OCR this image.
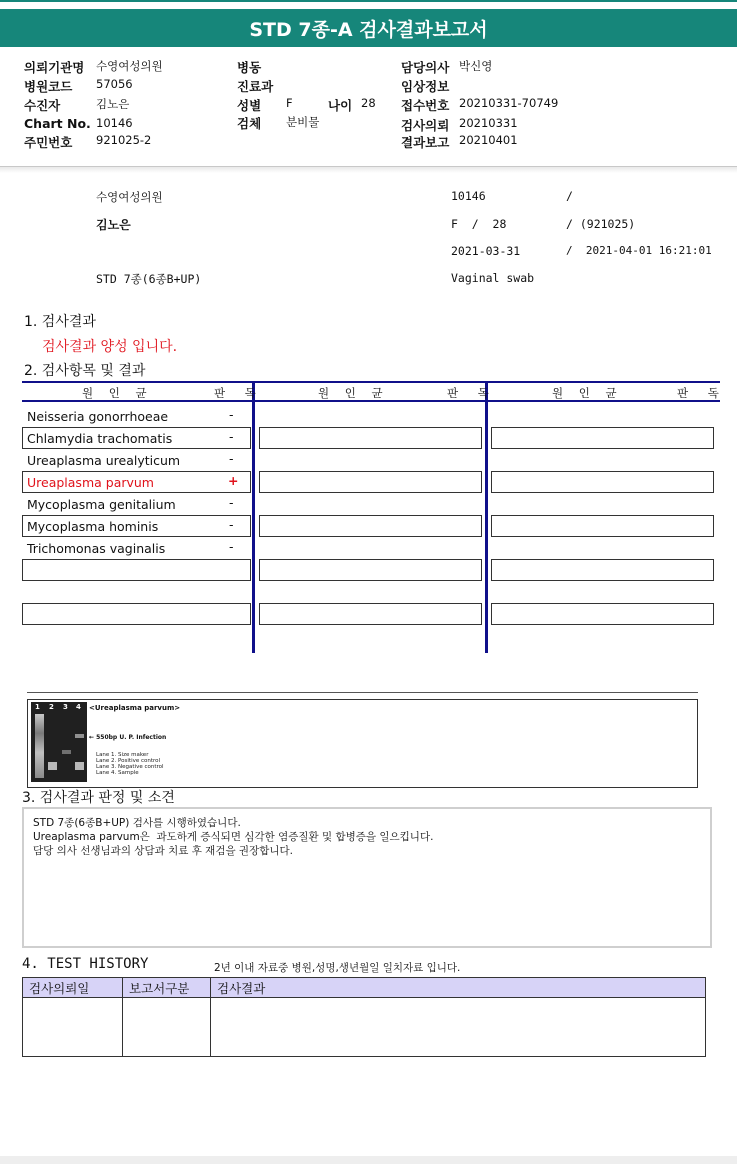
STD 7종-A 검사결과보고서
의뢰기관명 수영여성의원
병원코드 57056
수진자	김노은
Chart No. 10146
주민번호 921025-2
병동
진료과
성별 F	나이 28
검체 분비물
담당의사 박신영
임상정보
접수번호 20210331-70749
검사의뢰 20210331
결과보고 20210401
수영여성의원	10146	/
김노은	F  /  28	/ (921025)
2021-03-31	/  2021-04-01 16:21:01
STD 7종(6종B+UP)	Vaginal swab
1. 검사결과
검사결과 양성 입니다.
2. 검사항목 및 결과
원 인 균	판 독	원 인 균	판 독	원 인 균	판 독
Neisseria gonorrhoeae	-
Chlamydia trachomatis	-
Ureaplasma urealyticum	-
Ureaplasma parvum	+
Mycoplasma genitalium	-
Mycoplasma hominis	-
Trichomonas vaginalis	-
1 2 3 4 <Ureaplasma parvum>
← 550bp U. P. Infection
Lane 1. Size maker
Lane 2. Positive control
Lane 3. Negative control
Lane 4. Sample
3. 검사결과 판정 및 소견
STD 7종(6종B+UP) 검사를 시행하였습니다.
Ureaplasma parvum은  과도하게 증식되면 심각한 염증질환 및 합병증을 일으킵니다.
담당 의사 선생님과의 상담과 치료 후 재검을 권장합니다.
4. TEST HISTORY	2년 이내 자료중 병원,성명,생년월일 일치자료 입니다.
검사의뢰일	보고서구분	검사결과
